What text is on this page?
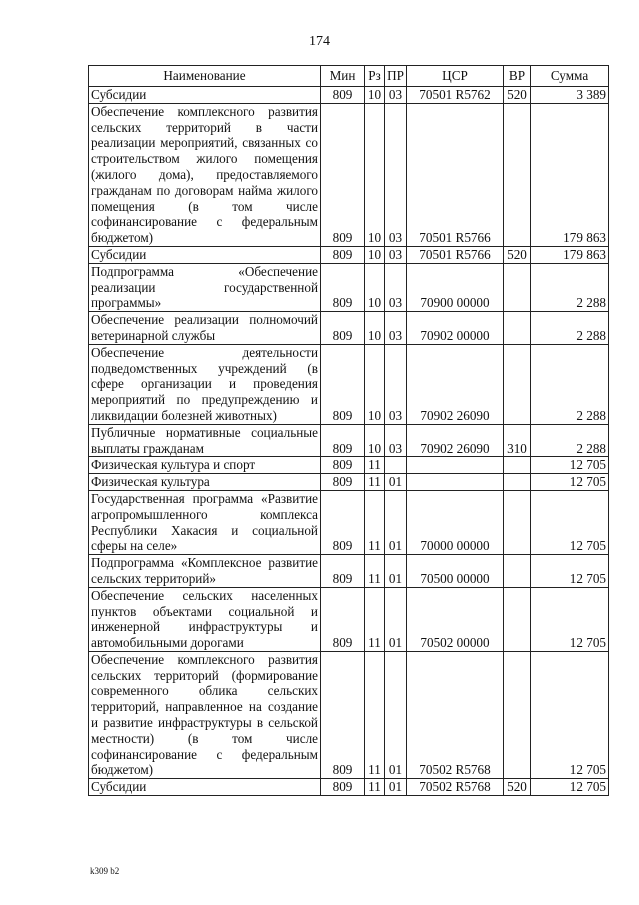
174
Наименование	Мин	Рз	ПР	ЦСР	ВР	Сумма
Субсидии	809	10	03	70501 R5762	520	3 389
Обеспечение комплексного развития сельских территорий в части реализации мероприятий, связанных со строительством жилого помещения (жилого дома), предоставляемого гражданам по договорам найма жилого помещения (в том числе софинансирование с федеральным бюджетом)	809	10	03	70501 R5766		179 863
Субсидии	809	10	03	70501 R5766	520	179 863
Подпрограмма «Обеспечение реализации государственной программы»	809	10	03	70900 00000		2 288
Обеспечение реализации полномочий ветеринарной службы	809	10	03	70902 00000		2 288
Обеспечение деятельности подведомственных учреждений (в сфере организации и проведения мероприятий по предупреждению и ликвидации болезней животных)	809	10	03	70902 26090		2 288
Публичные нормативные социальные выплаты гражданам	809	10	03	70902 26090	310	2 288
Физическая культура и спорт	809	11				12 705
Физическая культура	809	11	01			12 705
Государственная программа «Развитие агропромышленного комплекса Республики Хакасия и социальной сферы на селе»	809	11	01	70000 00000		12 705
Подпрограмма «Комплексное развитие сельских территорий»	809	11	01	70500 00000		12 705
Обеспечение сельских населенных пунктов объектами социальной и инженерной инфраструктуры и автомобильными дорогами	809	11	01	70502 00000		12 705
Обеспечение комплексного развития сельских территорий (формирование современного облика сельских территорий, направленное на создание и развитие инфраструктуры в сельской местности) (в том числе софинансирование с федеральным бюджетом)	809	11	01	70502 R5768		12 705
Субсидии	809	11	01	70502 R5768	520	12 705
k309 b2
